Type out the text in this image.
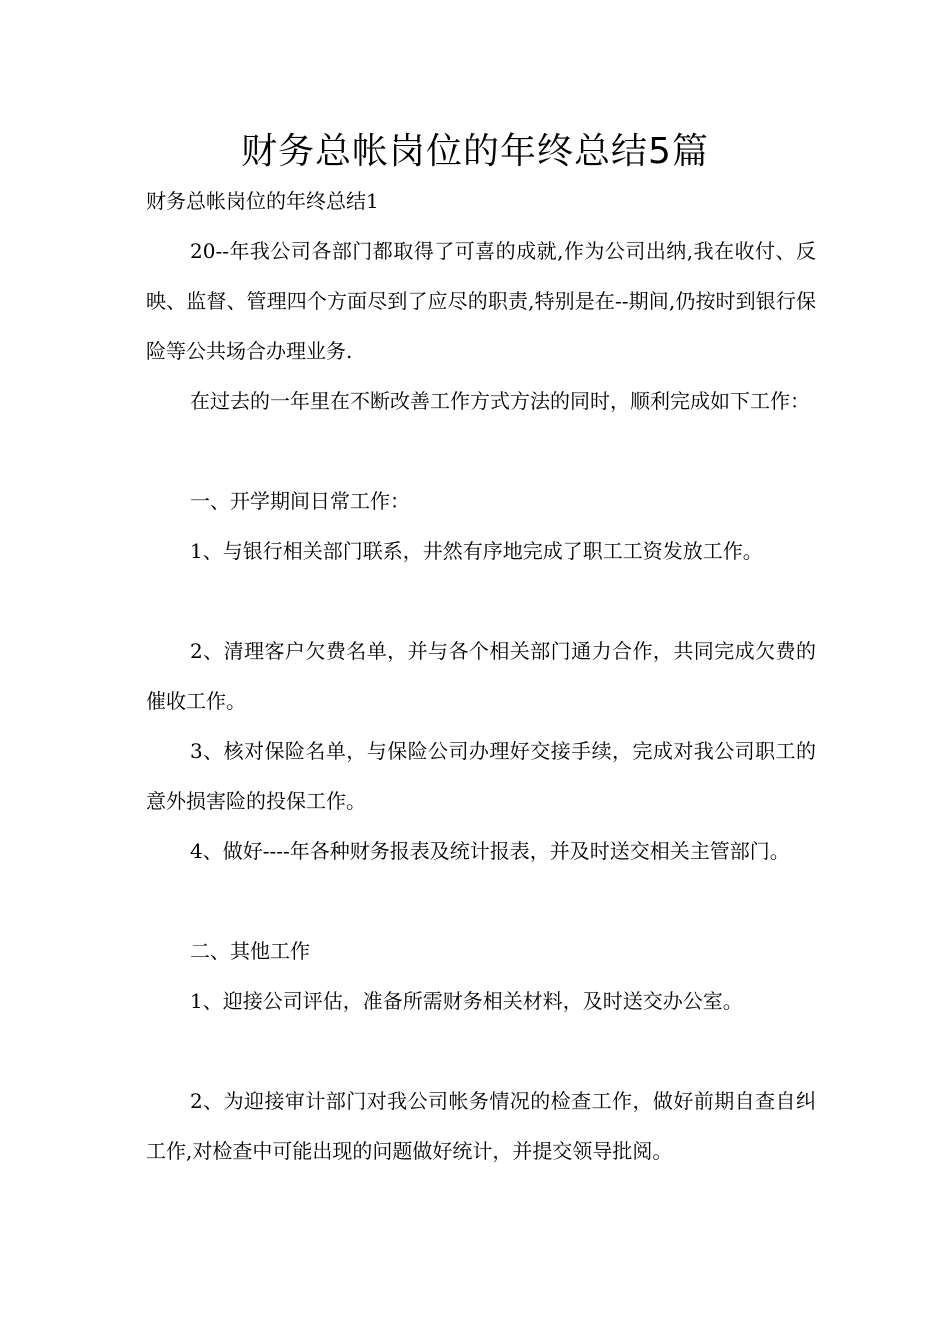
财务总帐岗位的年终总结5篇
财务总帐岗位的年终总结1

20--年我公司各部门都取得了可喜的成就,作为公司出纳,我在收付、反映、监督、管理四个方面尽到了应尽的职责,特别是在--期间,仍按时到银行保险等公共场合办理业务.

在过去的一年里在不断改善工作方式方法的同时，顺利完成如下工作：

一、开学期间日常工作：

1、与银行相关部门联系，井然有序地完成了职工工资发放工作。

2、清理客户欠费名单，并与各个相关部门通力合作，共同完成欠费的催收工作。

3、核对保险名单，与保险公司办理好交接手续，完成对我公司职工的意外损害险的投保工作。

4、做好----年各种财务报表及统计报表，并及时送交相关主管部门。

二、其他工作

1、迎接公司评估，准备所需财务相关材料，及时送交办公室。

2、为迎接审计部门对我公司帐务情况的检查工作，做好前期自查自纠工作,对检查中可能出现的问题做好统计，并提交领导批阅。
